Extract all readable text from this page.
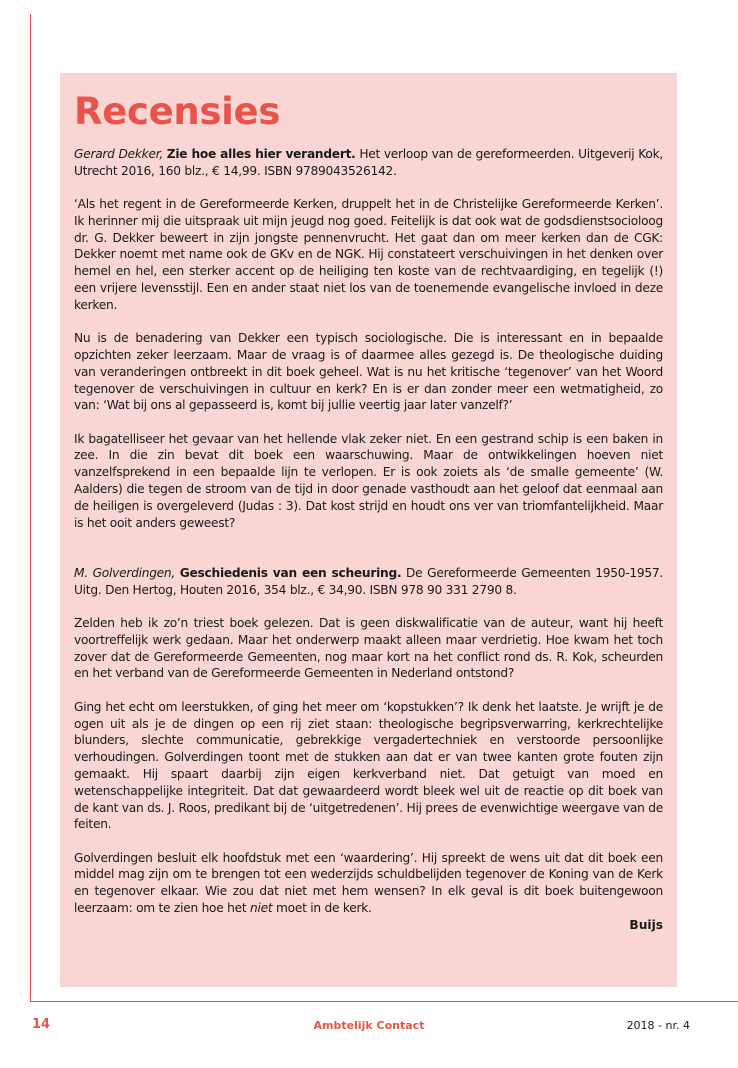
Recensies

Gerard Dekker, Zie hoe alles hier verandert. Het verloop van de gereformeerden. Uitgeverij Kok, Utrecht 2016, 160 blz., € 14,99. ISBN 9789043526142.

‘Als het regent in de Gereformeerde Kerken, druppelt het in de Christelijke Gereformeerde Kerken’. Ik herinner mij die uitspraak uit mijn jeugd nog goed. Feitelijk is dat ook wat de godsdienstsocioloog dr. G. Dekker beweert in zijn jongste pennenvrucht. Het gaat dan om meer kerken dan de CGK: Dekker noemt met name ook de GKv en de NGK. Hij constateert verschuivingen in het denken over hemel en hel, een sterker accent op de heiliging ten koste van de rechtvaardiging, en tegelijk (!) een vrijere levensstijl. Een en ander staat niet los van de toenemende evangelische invloed in deze kerken.

Nu is de benadering van Dekker een typisch sociologische. Die is interessant en in bepaalde opzichten zeker leerzaam. Maar de vraag is of daarmee alles gezegd is. De theologische duiding van veranderingen ontbreekt in dit boek geheel. Wat is nu het kritische ‘tegenover’ van het Woord tegenover de verschuivingen in cultuur en kerk? En is er dan zonder meer een wetmatigheid, zo van: ‘Wat bij ons al gepasseerd is, komt bij jullie veertig jaar later vanzelf?’

Ik bagatelliseer het gevaar van het hellende vlak zeker niet. En een gestrand schip is een baken in zee. In die zin bevat dit boek een waarschuwing. Maar de ontwikkelingen hoeven niet vanzelfsprekend in een bepaalde lijn te verlopen. Er is ook zoiets als ‘de smalle gemeente’ (W. Aalders) die tegen de stroom van de tijd in door genade vasthoudt aan het geloof dat eenmaal aan de heiligen is overgeleverd (Judas : 3). Dat kost strijd en houdt ons ver van triomfantelijkheid. Maar is het ooit anders geweest?

M. Golverdingen, Geschiedenis van een scheuring. De Gereformeerde Gemeenten 1950-1957. Uitg. Den Hertog, Houten 2016, 354 blz., € 34,90. ISBN 978 90 331 2790 8.

Zelden heb ik zo’n triest boek gelezen. Dat is geen diskwalificatie van de auteur, want hij heeft voortreffelijk werk gedaan. Maar het onderwerp maakt alleen maar verdrietig. Hoe kwam het toch zover dat de Gereformeerde Gemeenten, nog maar kort na het conflict rond ds. R. Kok, scheurden en het verband van de Gereformeerde Gemeenten in Nederland ontstond?

Ging het echt om leerstukken, of ging het meer om ‘kopstukken’? Ik denk het laatste. Je wrijft je de ogen uit als je de dingen op een rij ziet staan: theologische begripsverwarring, kerkrechtelijke blunders, slechte communicatie, gebrekkige vergadertechniek en verstoorde persoonlijke verhoudingen. Golverdingen toont met de stukken aan dat er van twee kanten grote fouten zijn gemaakt. Hij spaart daarbij zijn eigen kerkverband niet. Dat getuigt van moed en wetenschappelijke integriteit. Dat dat gewaardeerd wordt bleek wel uit de reactie op dit boek van de kant van ds. J. Roos, predikant bij de ‘uitgetredenen’. Hij prees de evenwichtige weergave van de feiten.

Golverdingen besluit elk hoofdstuk met een ‘waardering’. Hij spreekt de wens uit dat dit boek een middel mag zijn om te brengen tot een wederzijds schuldbelijden tegenover de Koning van de Kerk en tegenover elkaar. Wie zou dat niet met hem wensen? In elk geval is dit boek buitengewoon leerzaam: om te zien hoe het niet moet in de kerk.

Buijs
14	Ambtelijk Contact	2018 - nr. 4
